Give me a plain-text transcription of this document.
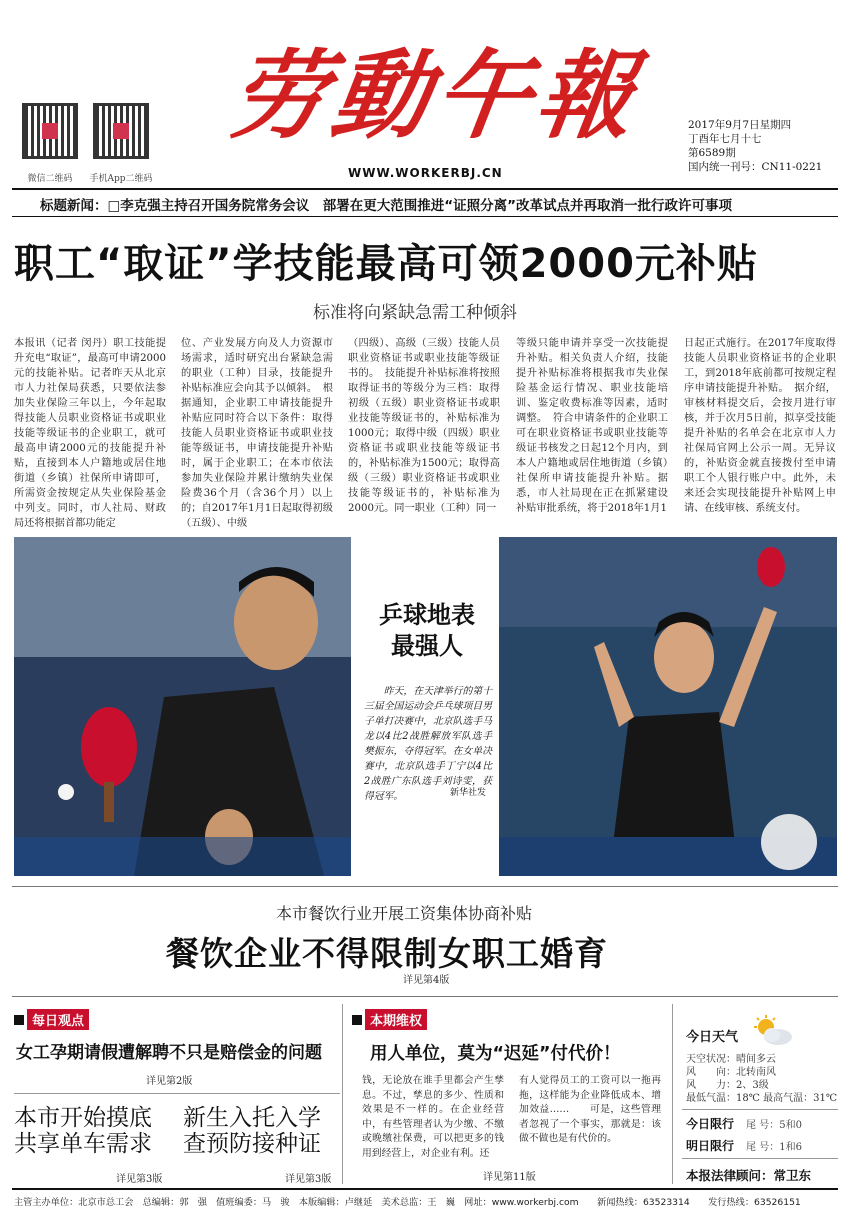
微信二维码	手机App二维码
劳動午報
WWW.WORKERBJ.CN
2017年9月7日星期四
丁酉年七月十七
第6589期
国内统一刊号：CN11-0221
标题新闻：□李克强主持召开国务院常务会议　部署在更大范围推进“证照分离”改革试点并再取消一批行政许可事项
职工“取证”学技能最高可领2000元补贴
标准将向紧缺急需工种倾斜
本报讯（记者 闵丹）职工技能提升充电“取证”，最高可申请2000元的技能补贴。记者昨天从北京市人力社保局获悉，只要依法参加失业保险三年以上，今年起取得技能人员职业资格证书或职业技能等级证书的企业职工，就可最高申请2000元的技能提升补贴，直接到本人户籍地或居住地街道（乡镇）社保所申请即可，所需资金按规定从失业保险基金中列支。同时，市人社局、财政局还将根据首都功能定
位、产业发展方向及人力资源市场需求，适时研究出台紧缺急需的职业（工种）目录，技能提升补贴标准应会向其予以倾斜。　根据通知，企业职工申请技能提升补贴应同时符合以下条件：取得技能人员职业资格证书或职业技能等级证书，申请技能提升补贴时，属于企业职工；在本市依法参加失业保险并累计缴纳失业保险费36个月（含36个月）以上的；自2017年1月1日起取得初级（五级）、中级
（四级）、高级（三级）技能人员职业资格证书或职业技能等级证书的。　技能提升补贴标准将按照取得证书的等级分为三档：取得初级（五级）职业资格证书或职业技能等级证书的，补贴标准为1000元；取得中级（四级）职业资格证书或职业技能等级证书的，补贴标准为1500元；取得高级（三级）职业资格证书或职业技能等级证书的，补贴标准为2000元。同一职业（工种）同一
等级只能申请并享受一次技能提升补贴。相关负责人介绍，技能提升补贴标准将根据我市失业保险基金运行情况、职业技能培训、鉴定收费标准等因素，适时调整。　符合申请条件的企业职工可在职业资格证书或职业技能等级证书核发之日起12个月内，到本人户籍地或居住地街道（乡镇）社保所申请技能提升补贴。据悉，市人社局现在正在抓紧建设补贴审批系统，将于2018年1月1
日起正式施行。在2017年度取得技能人员职业资格证书的企业职工，到2018年底前都可按规定程序申请技能提升补贴。　据介绍，审核材料提交后，会按月进行审核，并于次月5日前，拟享受技能提升补贴的名单会在北京市人力社保局官网上公示一周。无异议的，补贴资金就直接拨付至申请职工个人银行账户中。此外，未来还会实现技能提升补贴网上申请、在线审核、系统支付。
乒球地表
最强人
　　昨天，在天津举行的第十三届全国运动会乒乓球项目男子单打决赛中，北京队选手马龙以4比2战胜解放军队选手樊振东，夺得冠军。在女单决赛中，北京队选手丁宁以4比2战胜广东队选手刘诗雯，获得冠军。	新华社发
本市餐饮行业开展工资集体协商补贴
餐饮企业不得限制女职工婚育
详见第4版
每日观点
女工孕期请假遭解聘不只是赔偿金的问题
详见第2版
本市开始摸底
共享单车需求
详见第3版
新生入托入学
查预防接种证
详见第3版
本期维权
用人单位，莫为“迟延”付代价！
钱，无论放在谁手里都会产生孳息。不过，孳息的多少、性质和效果是不一样的。在企业经营中，有些管理者认为少缴、不缴或晚缴社保费，可以把更多的钱用到经营上，对企业有利。还
有人觉得员工的工资可以一拖再拖，这样能为企业降低成本、增加效益……　　可是，这些管理者忽视了一个事实，那就是：该做不做也是有代价的。
详见第11版
今日天气
天空状况：晴间多云
风　　向：北转南风
风　　力：2、3级
最低气温：18℃ 最高气温：31℃
今日限行　 尾 号：5和0
明日限行　 尾 号：1和6
本报法律顾问：常卫东
主管主办单位：北京市总工会　总编辑：郭　强　值班编委：马　骏　本版编辑：卢继延　美术总监：王　巍　网址：www.workerbj.com　　新闻热线：63523314　　发行热线：63526151
